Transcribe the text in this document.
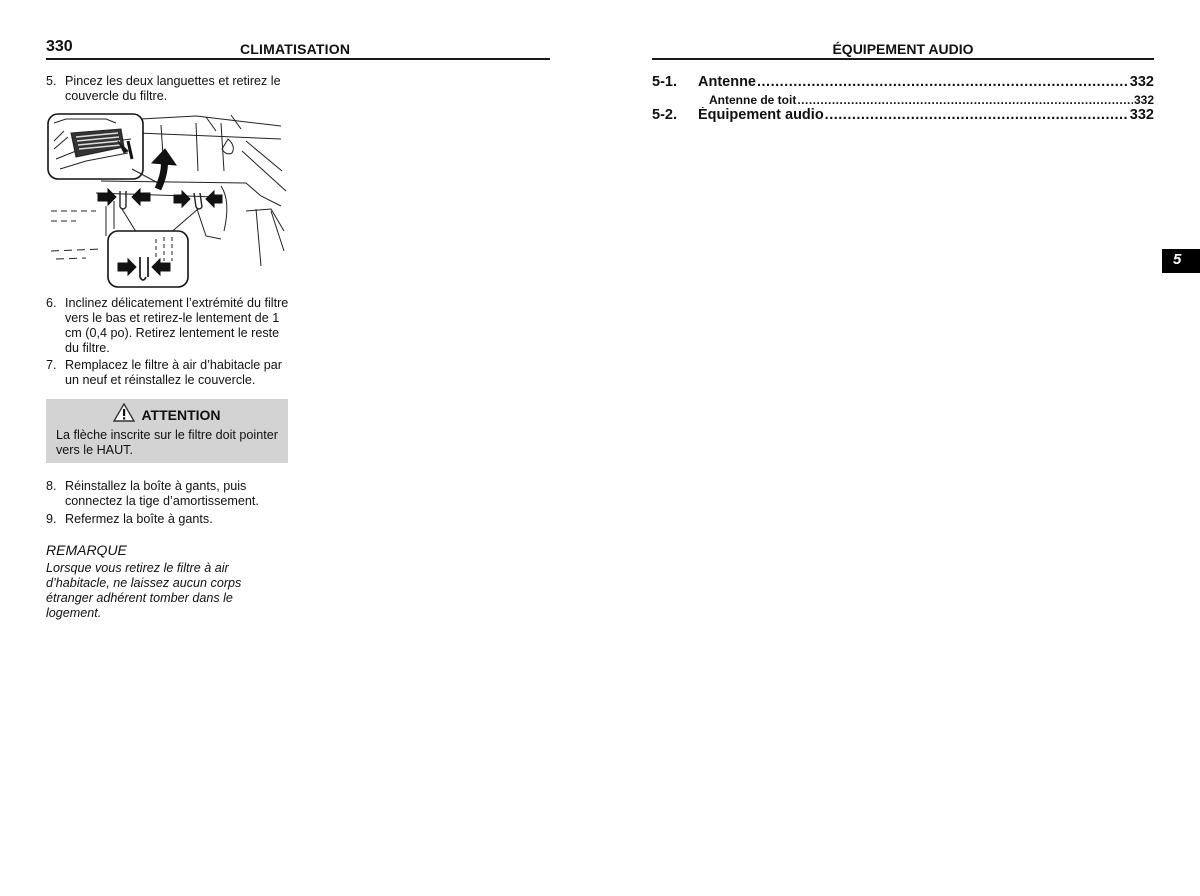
330	CLIMATISATION
5. Pincez les deux languettes et retirez le couvercle du filtre.
6. Inclinez délicatement l’extrémité du filtre vers le bas et retirez-le lentement de 1 cm (0,4 po). Retirez lentement le reste du filtre.
7. Remplacez le filtre à air d’habitacle par un neuf et réinstallez le couvercle.
ATTENTION
La flèche inscrite sur le filtre doit pointer vers le HAUT.
8. Réinstallez la boîte à gants, puis connectez la tige d’amortissement.
9. Refermez la boîte à gants.
REMARQUE
Lorsque vous retirez le filtre à air d’habitacle, ne laissez aucun corps étranger adhérent tomber dans le logement.
ÉQUIPEMENT AUDIO
5-1.	Antenne .....	332
Antenne de toit .....	332
5-2.	Équipement audio .....	332
5
